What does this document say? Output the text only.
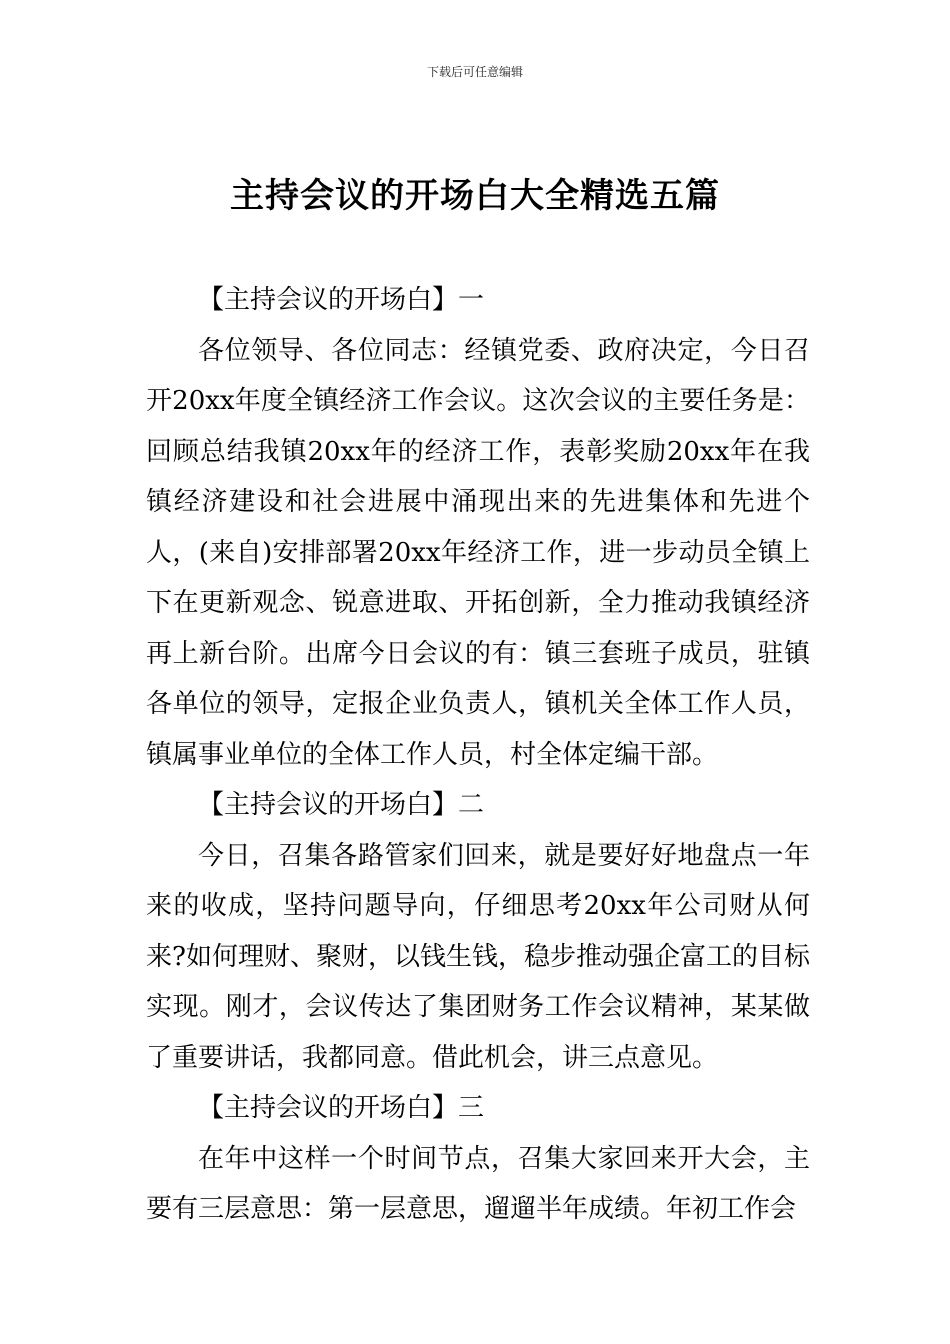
下载后可任意编辑
主持会议的开场白大全精选五篇

【主持会议的开场白】一

各位领导、各位同志：经镇党委、政府决定，今日召开20xx年度全镇经济工作会议。这次会议的主要任务是：回顾总结我镇20xx年的经济工作，表彰奖励20xx年在我镇经济建设和社会进展中涌现出来的先进集体和先进个人，(来自)安排部署20xx年经济工作，进一步动员全镇上下在更新观念、锐意进取、开拓创新，全力推动我镇经济再上新台阶。出席今日会议的有：镇三套班子成员，驻镇各单位的领导，定报企业负责人，镇机关全体工作人员，镇属事业单位的全体工作人员，村全体定编干部。

【主持会议的开场白】二

今日，召集各路管家们回来，就是要好好地盘点一年来的收成，坚持问题导向，仔细思考20xx年公司财从何来?如何理财、聚财，以钱生钱，稳步推动强企富工的目标实现。刚才，会议传达了集团财务工作会议精神，某某做了重要讲话，我都同意。借此机会，讲三点意见。

【主持会议的开场白】三

在年中这样一个时间节点，召集大家回来开大会，主要有三层意思：第一层意思，遛遛半年成绩。年初工作会
